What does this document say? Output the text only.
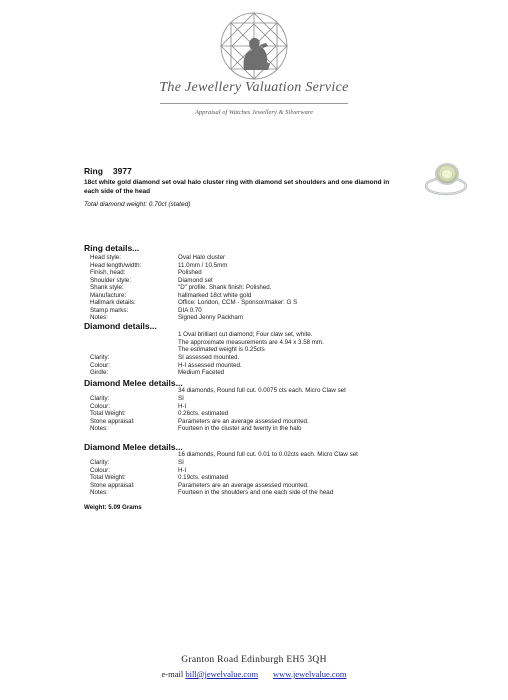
The Jewellery Valuation Service
Appraisal of Watches Jewellery & Silverware
Ring 3977
18ct white gold diamond set oval halo cluster ring with diamond set shoulders and one diamond in each side of the head
Total diamond weight: 0.70ct (stated)
Ring details...
Head style:	Oval Halo cluster
Head length/width:	11.0mm / 10.5mm
Finish, head:	Polished
Shoulder style:	Diamond set
Shank style:	"D" profile. Shank finish: Polished.
Manufacture:	hallmarked 18ct white gold
Hallmark details:	Office: London, CCM - Sponsor/maker: G S
Stamp marks:	DIA 0.70
Notes:	Signed Jenny Packham
Diamond details...
1 Oval brilliant cut diamond; Four claw set, white.
The approximate measurements are 4.94 x 3.58 mm.
The estimated weight is 0.25cts
Clarity:	SI assessed mounted.
Colour:	H-I assessed mounted.
Girdle:	Medium Faceted
Diamond Melee details...
34 diamonds, Round full cut. 0.0075 cts each. Micro Claw set
Clarity:	SI
Colour:	H-I
Total Weight:	0.26cts. estimated
Stone appraisal:	Parameters are an average assessed mounted.
Notes:	Fourteen in the cluster and twenty in the halo
Diamond Melee details...
16 diamonds, Round full cut. 0.01 to 0.02cts each. Micro Claw set
Clarity:	SI
Colour:	H-I
Total Weight:	0.19cts. estimated
Stone appraisal:	Parameters are an average assessed mounted.
Notes:	Fourteen in the shoulders and one each side of the head
Weight: 5.09 Grams
Granton Road Edinburgh EH5 3QH
e-mail bill@jewelvalue.com www.jewelvalue.com
